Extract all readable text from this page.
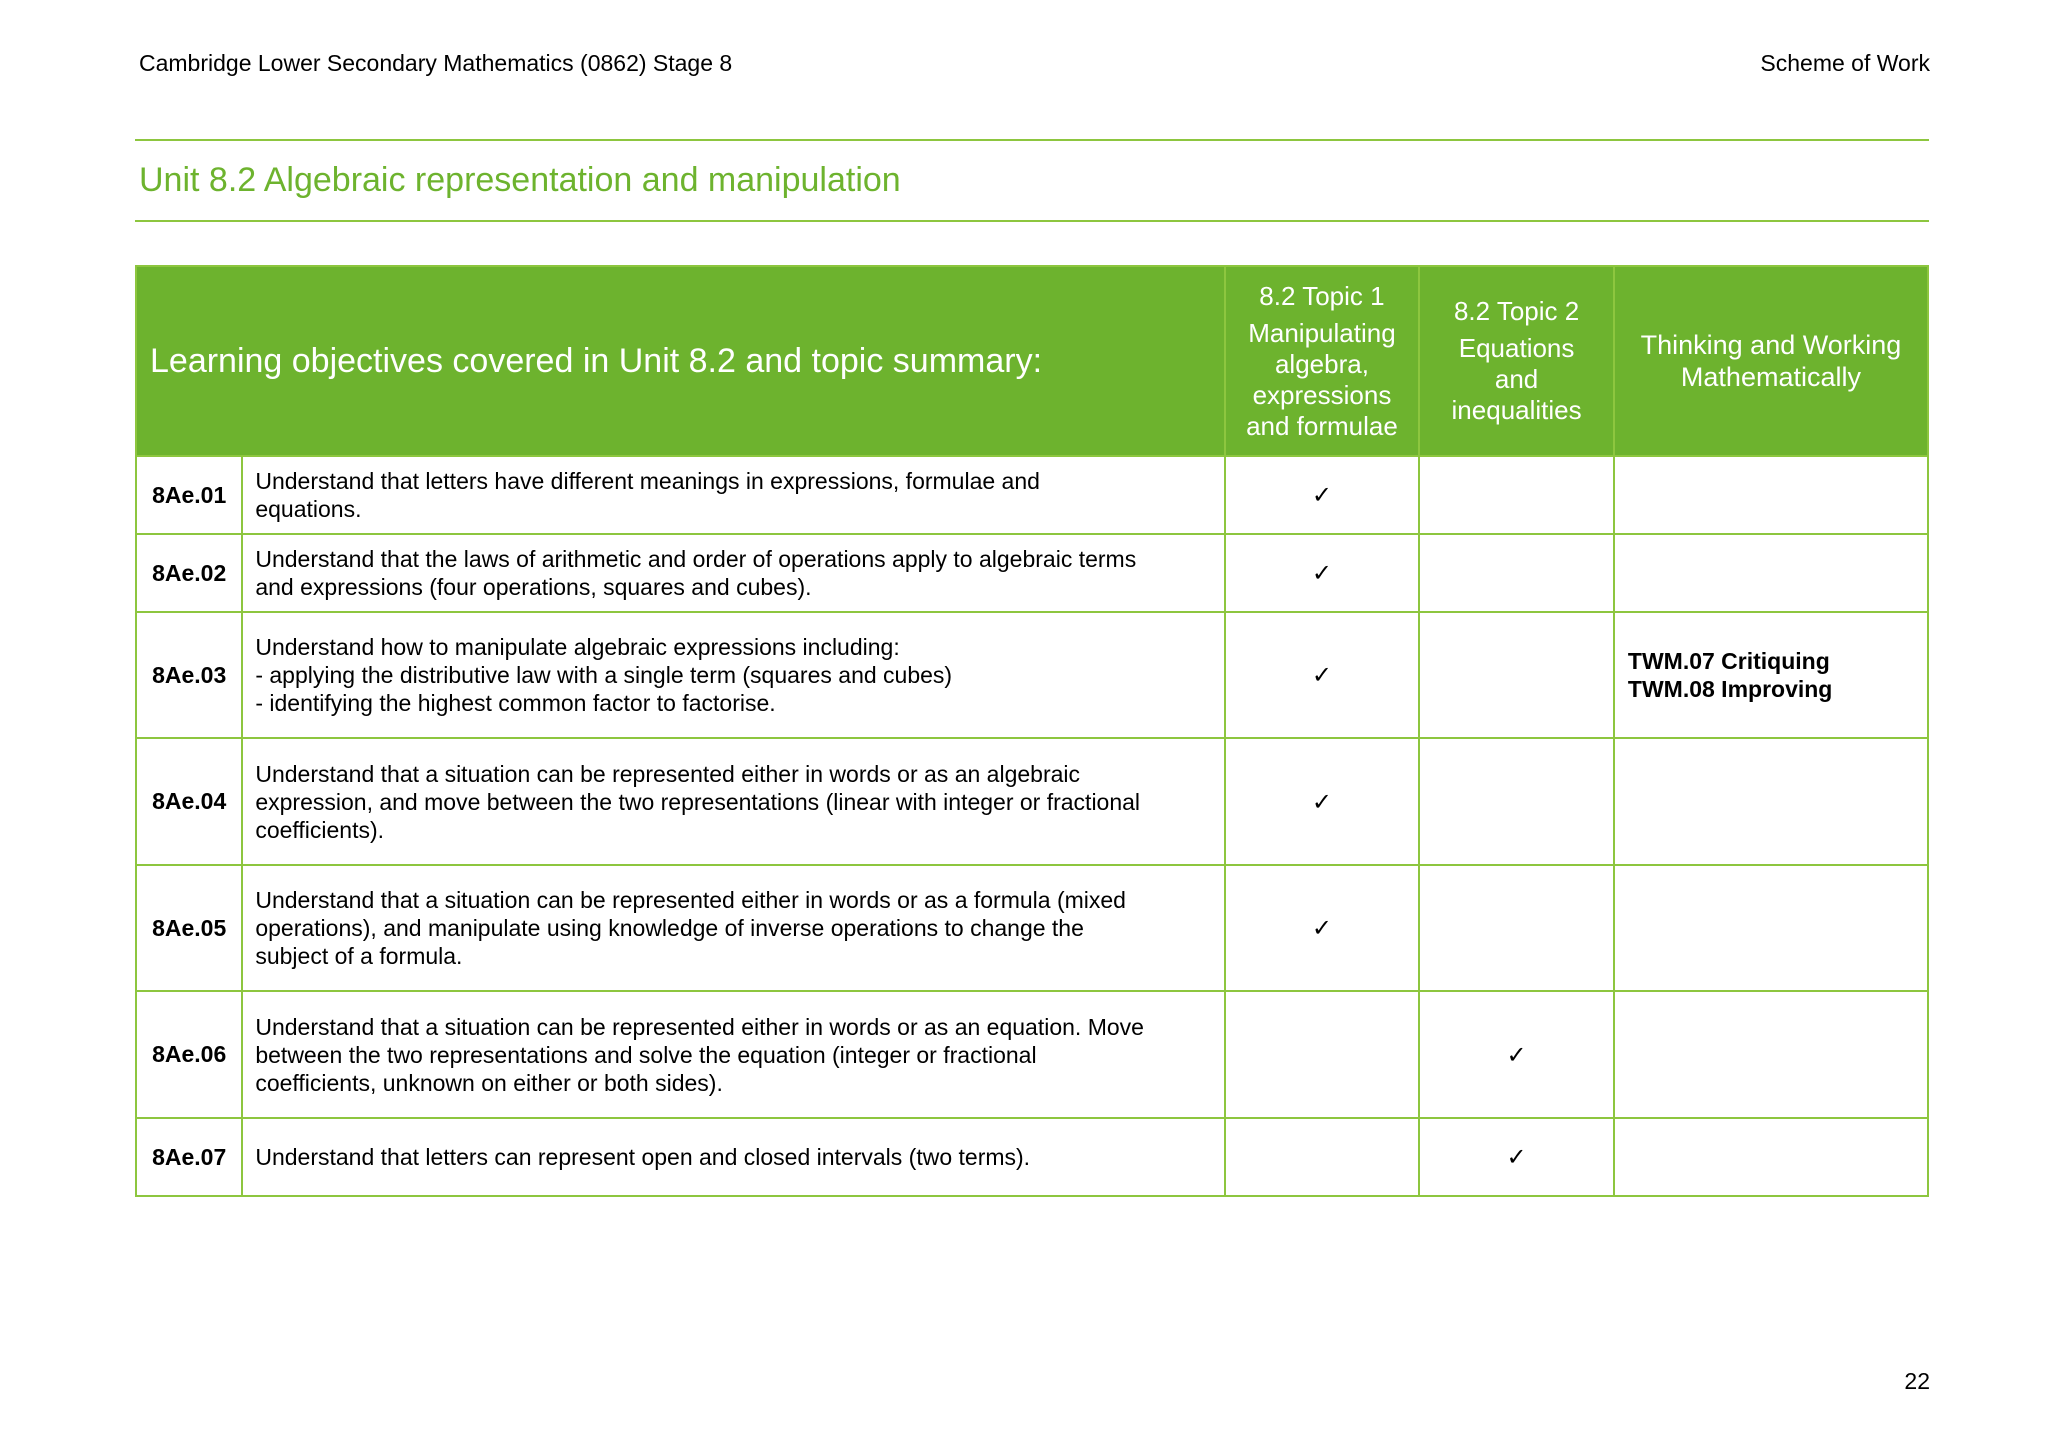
Cambridge Lower Secondary Mathematics (0862) Stage 8	Scheme of Work
Unit 8.2 Algebraic representation and manipulation
Learning objectives covered in Unit 8.2 and topic summary:		8.2 Topic 1
Manipulating
algebra,
expressions
and formulae	8.2 Topic 2
Equations
and
inequalities	Thinking and Working
Mathematically

8Ae.01	Understand that letters have different meanings in expressions, formulae and
equations.	✓		
8Ae.02	Understand that the laws of arithmetic and order of operations apply to algebraic terms
and expressions (four operations, squares and cubes).	✓		
8Ae.03	Understand how to manipulate algebraic expressions including:
- applying the distributive law with a single term (squares and cubes)
- identifying the highest common factor to factorise.	✓		TWM.07 Critiquing
TWM.08 Improving

8Ae.04	Understand that a situation can be represented either in words or as an algebraic
expression, and move between the two representations (linear with integer or fractional
coefficients).	✓		
8Ae.05	Understand that a situation can be represented either in words or as a formula (mixed
operations), and manipulate using knowledge of inverse operations to change the
subject of a formula.	✓		
8Ae.06	Understand that a situation can be represented either in words or as an equation. Move
between the two representations and solve the equation (integer or fractional
coefficients, unknown on either or both sides).		✓	
8Ae.07	Understand that letters can represent open and closed intervals (two terms).		✓	
22
